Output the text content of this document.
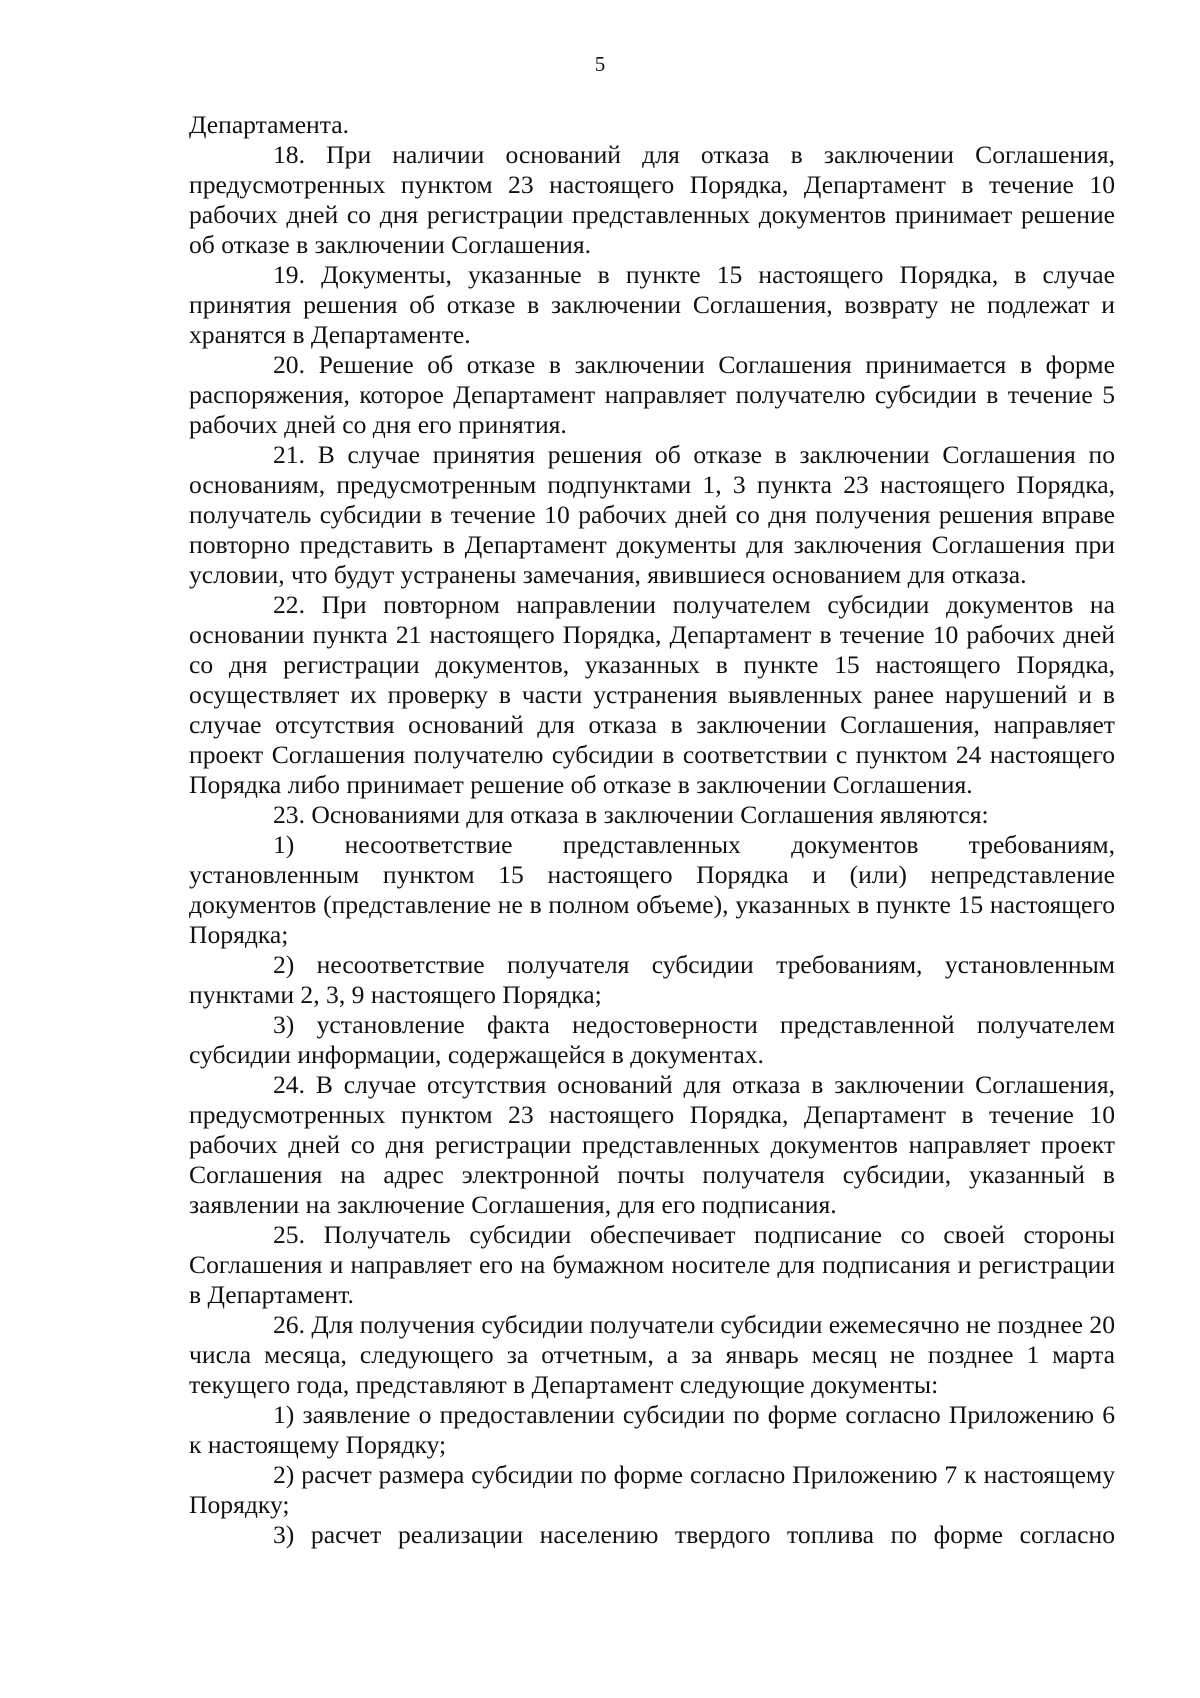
5

Департамента.

18. При наличии оснований для отказа в заключении Соглашения, предусмотренных пунктом 23 настоящего Порядка, Департамент в течение 10 рабочих дней со дня регистрации представленных документов принимает решение об отказе в заключении Соглашения.

19. Документы, указанные в пункте 15 настоящего Порядка, в случае принятия решения об отказе в заключении Соглашения, возврату не подлежат и хранятся в Департаменте.

20. Решение об отказе в заключении Соглашения принимается в форме распоряжения, которое Департамент направляет получателю субсидии в течение 5 рабочих дней со дня его принятия.

21. В случае принятия решения об отказе в заключении Соглашения по основаниям, предусмотренным подпунктами 1, 3 пункта 23 настоящего Порядка, получатель субсидии в течение 10 рабочих дней со дня получения решения вправе повторно представить в Департамент документы для заключения Соглашения при условии, что будут устранены замечания, явившиеся основанием для отказа.

22. При повторном направлении получателем субсидии документов на основании пункта 21 настоящего Порядка, Департамент в течение 10 рабочих дней со дня регистрации документов, указанных в пункте 15 настоящего Порядка, осуществляет их проверку в части устранения выявленных ранее нарушений и в случае отсутствия оснований для отказа в заключении Соглашения, направляет проект Соглашения получателю субсидии в соответствии с пунктом 24 настоящего Порядка либо принимает решение об отказе в заключении Соглашения.

23. Основаниями для отказа в заключении Соглашения являются:

1) несоответствие представленных документов требованиям, установленным пунктом 15 настоящего Порядка и (или) непредставление документов (представление не в полном объеме), указанных в пункте 15 настоящего Порядка;

2) несоответствие получателя субсидии требованиям, установленным пунктами 2, 3, 9 настоящего Порядка;

3) установление факта недостоверности представленной получателем субсидии информации, содержащейся в документах.

24. В случае отсутствия оснований для отказа в заключении Соглашения, предусмотренных пунктом 23 настоящего Порядка, Департамент в течение 10 рабочих дней со дня регистрации представленных документов направляет проект Соглашения на адрес электронной почты получателя субсидии, указанный в заявлении на заключение Соглашения, для его подписания.

25. Получатель субсидии обеспечивает подписание со своей стороны Соглашения и направляет его на бумажном носителе для подписания и регистрации в Департамент.

26. Для получения субсидии получатели субсидии ежемесячно не позднее 20 числа месяца, следующего за отчетным, а за январь месяц не позднее 1 марта текущего года, представляют в Департамент следующие документы:

1) заявление о предоставлении субсидии по форме согласно Приложению 6 к настоящему Порядку;

2) расчет размера субсидии по форме согласно Приложению 7 к настоящему Порядку;

3) расчет реализации населению твердого топлива по форме согласно
